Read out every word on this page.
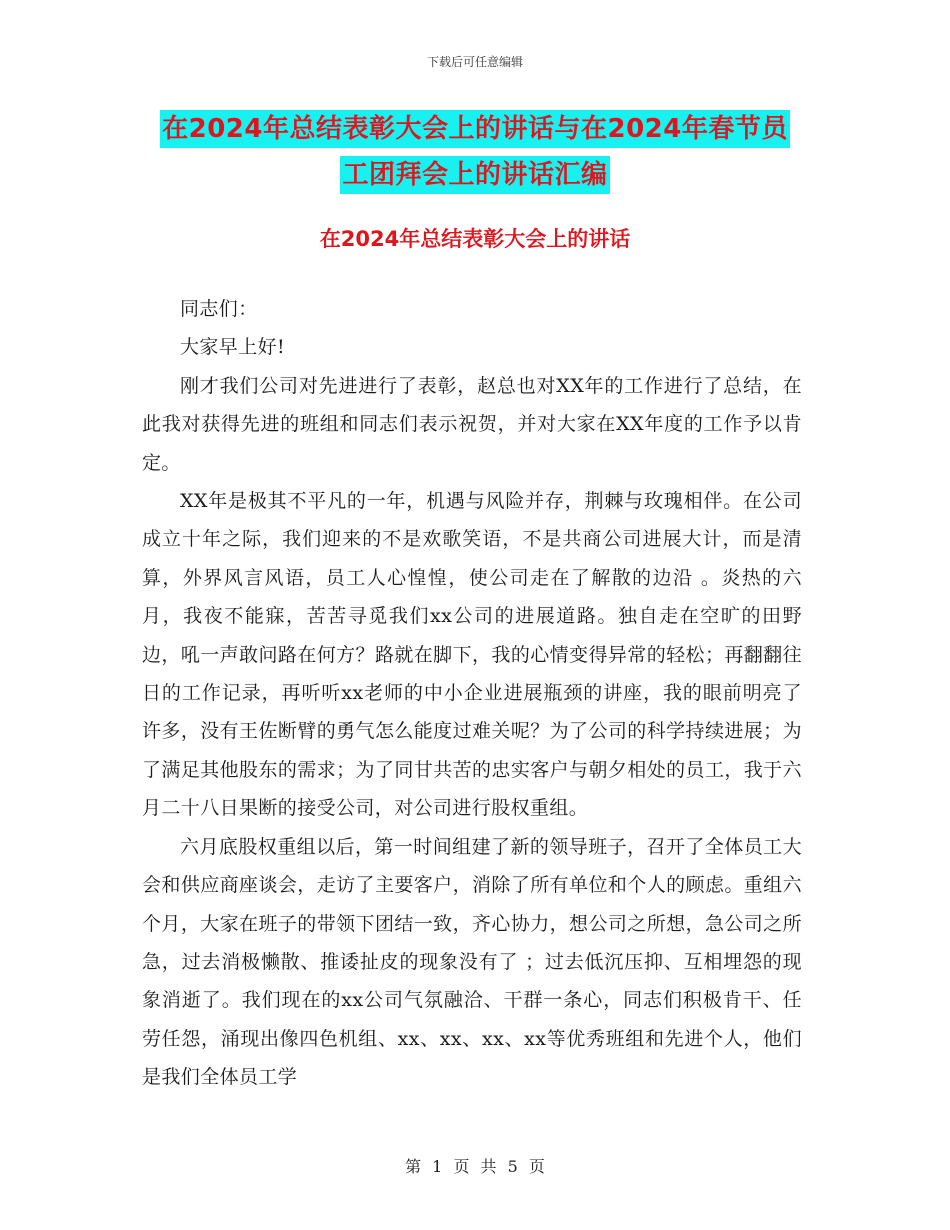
下载后可任意编辑
在2024年总结表彰大会上的讲话与在2024年春节员
工团拜会上的讲话汇编
在2024年总结表彰大会上的讲话

同志们：

大家早上好!

刚才我们公司对先进进行了表彰，赵总也对XX年的工作进行了总结，在此我对获得先进的班组和同志们表示祝贺，并对大家在XX年度的工作予以肯定。

XX年是极其不平凡的一年，机遇与风险并存，荆棘与玫瑰相伴。在公司成立十年之际，我们迎来的不是欢歌笑语，不是共商公司进展大计，而是清算，外界风言风语，员工人心惶惶，使公司走在了解散的边沿 。炎热的六月，我夜不能寐，苦苦寻觅我们xx公司的进展道路。独自走在空旷的田野边，吼一声敢问路在何方？路就在脚下，我的心情变得异常的轻松；再翻翻往日的工作记录，再听听xx老师的中小企业进展瓶颈的讲座，我的眼前明亮了许多，没有王佐断臂的勇气怎么能度过难关呢？为了公司的科学持续进展；为了满足其他股东的需求；为了同甘共苦的忠实客户与朝夕相处的员工，我于六月二十八日果断的接受公司，对公司进行股权重组。

六月底股权重组以后，第一时间组建了新的领导班子，召开了全体员工大会和供应商座谈会，走访了主要客户，消除了所有单位和个人的顾虑。重组六个月，大家在班子的带领下团结一致，齐心协力，想公司之所想，急公司之所急，过去消极懒散、推诿扯皮的现象没有了 ；过去低沉压抑、互相埋怨的现象消逝了。我们现在的xx公司气氛融洽、干群一条心，同志们积极肯干、任劳任怨，涌现出像四色机组、xx、xx、xx、xx等优秀班组和先进个人，他们是我们全体员工学

第 1 页 共 5 页
